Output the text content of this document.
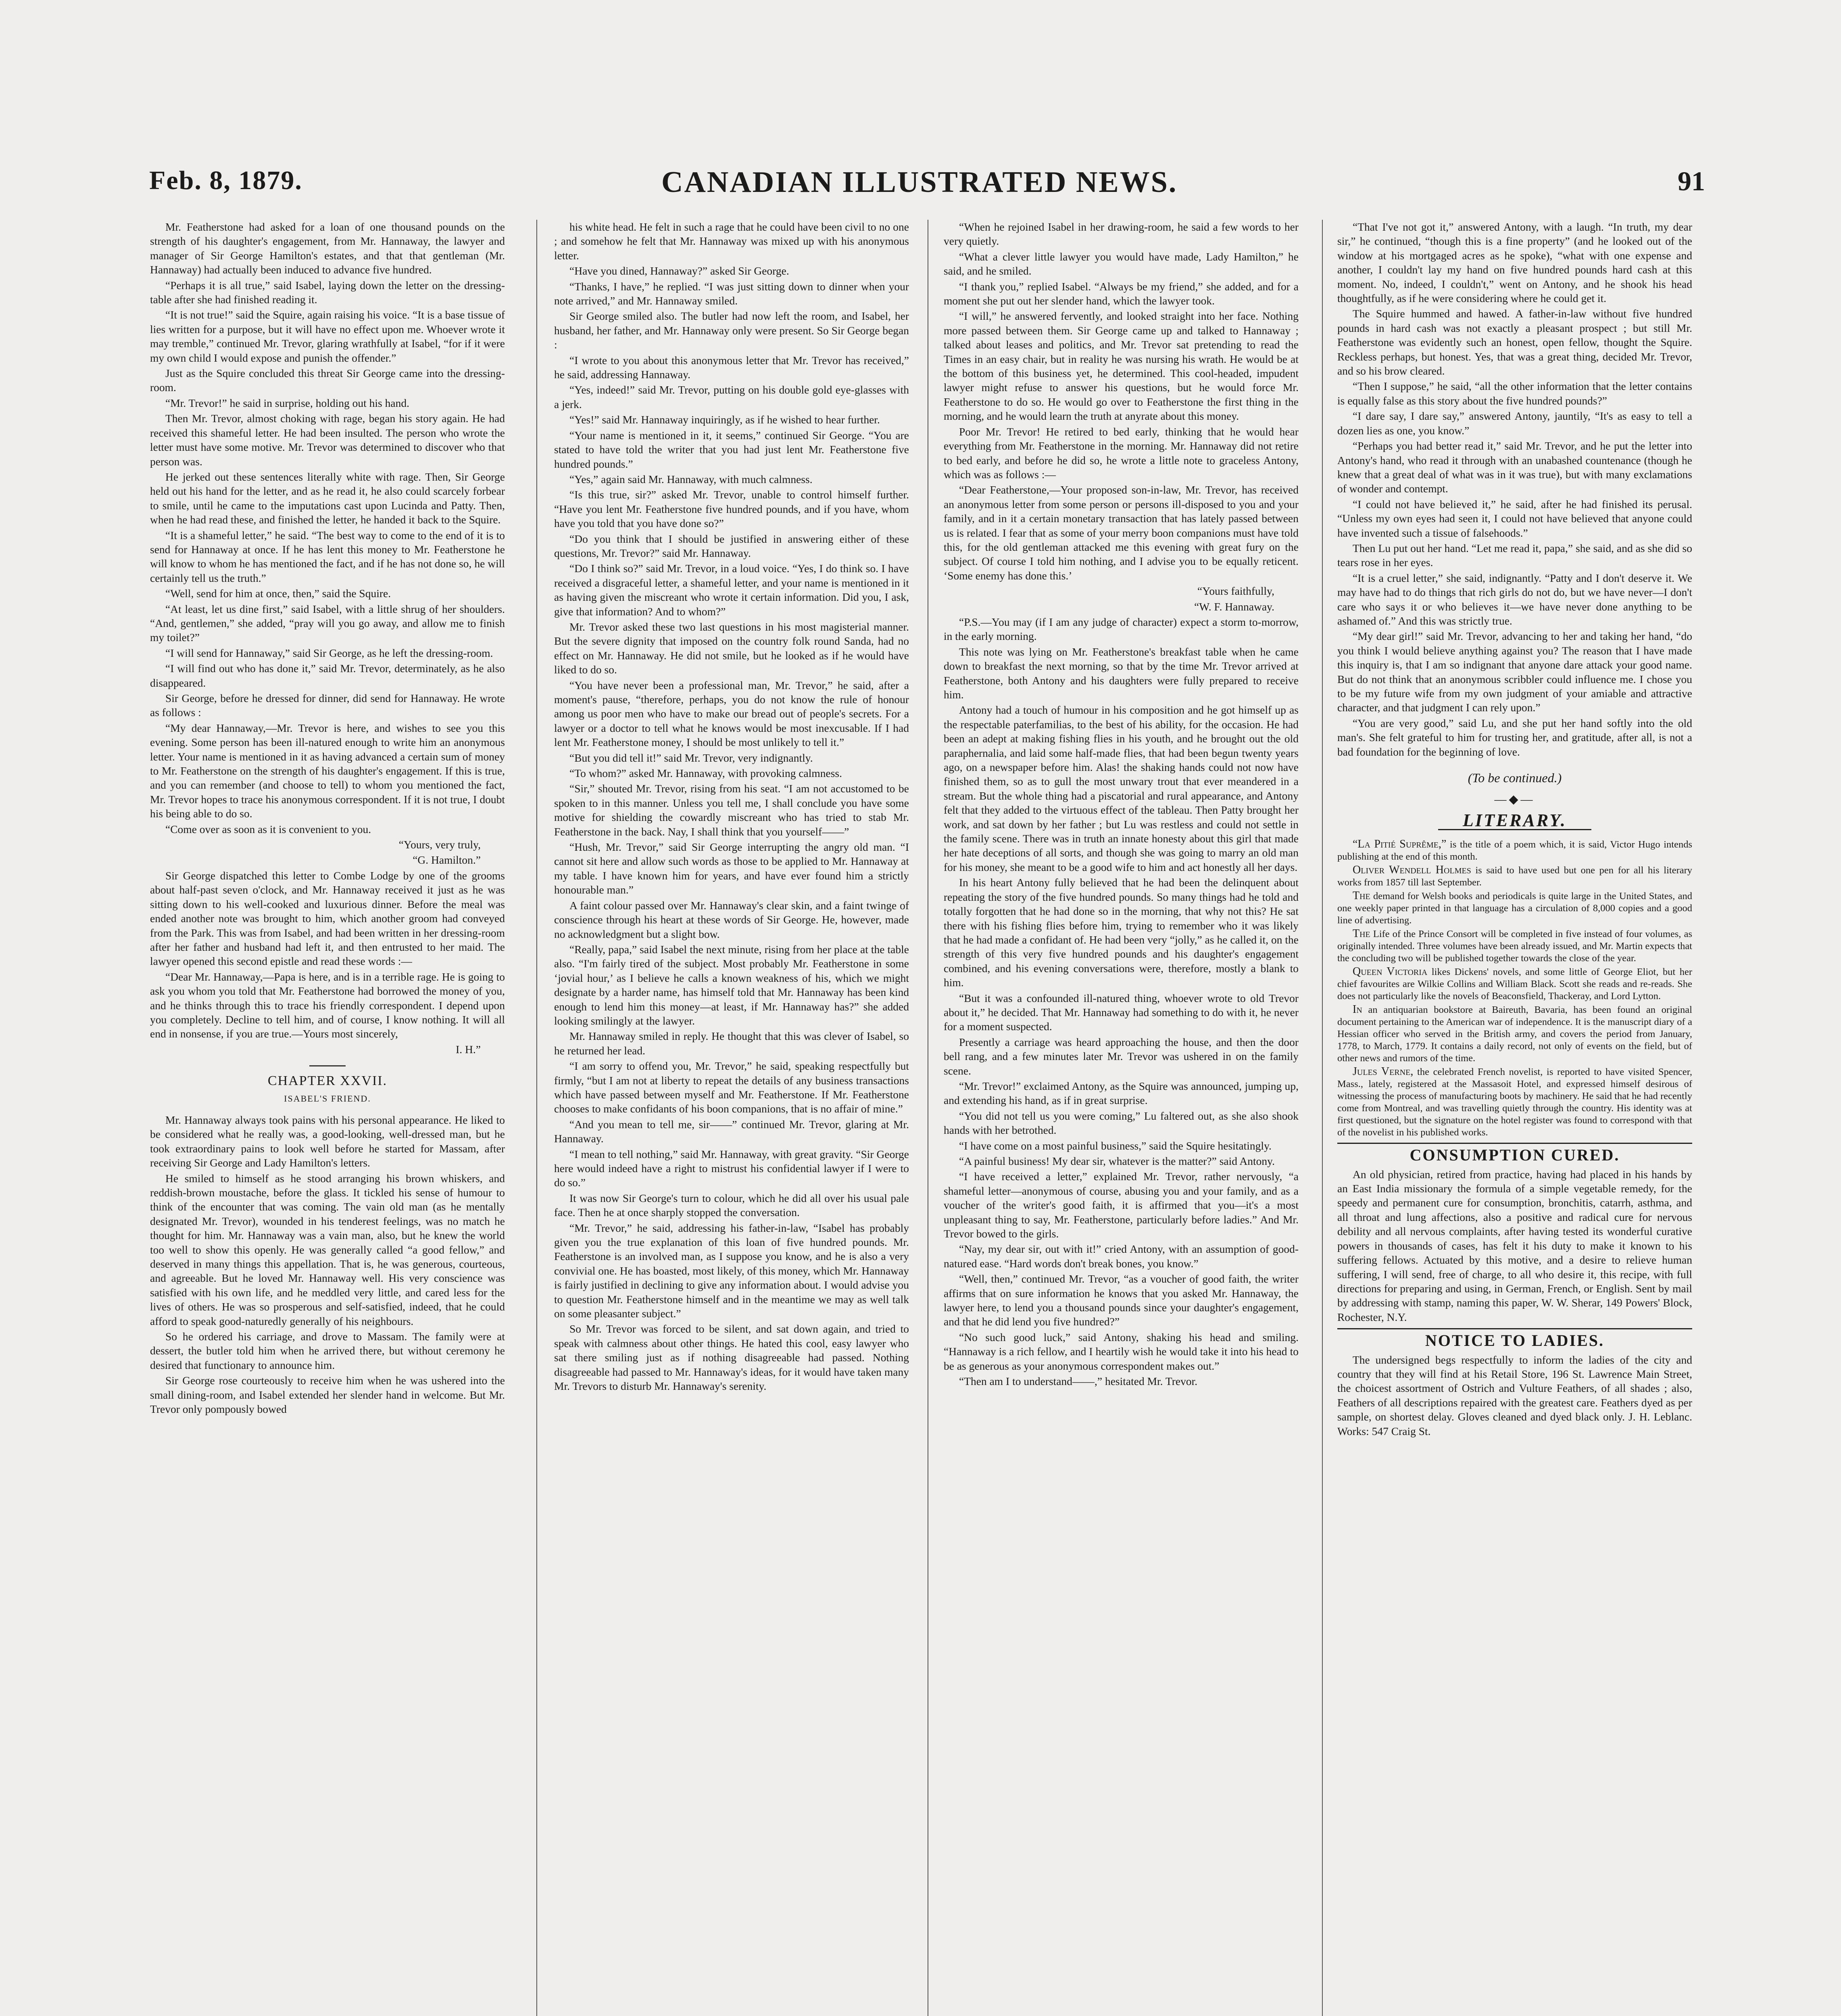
Feb. 8, 1879.	CANADIAN ILLUSTRATED NEWS.	91

Mr. Featherstone had asked for a loan of one thousand pounds on the strength of his daughter's engagement, from Mr. Hannaway, the lawyer and manager of Sir George Hamilton's estates, and that that gentleman (Mr. Hannaway) had actually been induced to advance five hundred.

“Perhaps it is all true,” said Isabel, laying down the letter on the dressing-table after she had finished reading it.

“It is not true!” said the Squire, again raising his voice. “It is a base tissue of lies written for a purpose, but it will have no effect upon me. Whoever wrote it may tremble,” continued Mr. Trevor, glaring wrathfully at Isabel, “for if it were my own child I would expose and punish the offender.”

Just as the Squire concluded this threat Sir George came into the dressing-room.

“Mr. Trevor!” he said in surprise, holding out his hand.

Then Mr. Trevor, almost choking with rage, began his story again. He had received this shameful letter. He had been insulted. The person who wrote the letter must have some motive. Mr. Trevor was determined to discover who that person was.

He jerked out these sentences literally white with rage. Then, Sir George held out his hand for the letter, and as he read it, he also could scarcely forbear to smile, until he came to the imputations cast upon Lucinda and Patty. Then, when he had read these, and finished the letter, he handed it back to the Squire.

“It is a shameful letter,” he said. “The best way to come to the end of it is to send for Hannaway at once. If he has lent this money to Mr. Featherstone he will know to whom he has mentioned the fact, and if he has not done so, he will certainly tell us the truth.”

“Well, send for him at once, then,” said the Squire.

“At least, let us dine first,” said Isabel, with a little shrug of her shoulders. “And, gentlemen,” she added, “pray will you go away, and allow me to finish my toilet?”

“I will send for Hannaway,” said Sir George, as he left the dressing-room.

“I will find out who has done it,” said Mr. Trevor, determinately, as he also disappeared.

Sir George, before he dressed for dinner, did send for Hannaway. He wrote as follows :

“My dear Hannaway,—Mr. Trevor is here, and wishes to see you this evening. Some person has been ill-natured enough to write him an anonymous letter. Your name is mentioned in it as having advanced a certain sum of money to Mr. Featherstone on the strength of his daughter's engagement. If this is true, and you can remember (and choose to tell) to whom you mentioned the fact, Mr. Trevor hopes to trace his anonymous correspondent. If it is not true, I doubt his being able to do so.

“Come over as soon as it is convenient to you.

“Yours, very truly,

“G. Hamilton.”

Sir George dispatched this letter to Combe Lodge by one of the grooms about half-past seven o'clock, and Mr. Hannaway received it just as he was sitting down to his well-cooked and luxurious dinner. Before the meal was ended another note was brought to him, which another groom had conveyed from the Park. This was from Isabel, and had been written in her dressing-room after her father and husband had left it, and then entrusted to her maid. The lawyer opened this second epistle and read these words :—

“Dear Mr. Hannaway,—Papa is here, and is in a terrible rage. He is going to ask you whom you told that Mr. Featherstone had borrowed the money of you, and he thinks through this to trace his friendly correspondent. I depend upon you completely. Decline to tell him, and of course, I know nothing. It will all end in nonsense, if you are true.—Yours most sincerely,

I. H.”

CHAPTER XXVII.
ISABEL'S FRIEND.

Mr. Hannaway always took pains with his personal appearance. He liked to be considered what he really was, a good-looking, well-dressed man, but he took extraordinary pains to look well before he started for Massam, after receiving Sir George and Lady Hamilton's letters.

He smiled to himself as he stood arranging his brown whiskers, and reddish-brown moustache, before the glass. It tickled his sense of humour to think of the encounter that was coming. The vain old man (as he mentally designated Mr. Trevor), wounded in his tenderest feelings, was no match he thought for him. Mr. Hannaway was a vain man, also, but he knew the world too well to show this openly. He was generally called “a good fellow,” and deserved in many things this appellation. That is, he was generous, courteous, and agreeable. But he loved Mr. Hannaway well. His very conscience was satisfied with his own life, and he meddled very little, and cared less for the lives of others. He was so prosperous and self-satisfied, indeed, that he could afford to speak good-naturedly generally of his neighbours.

So he ordered his carriage, and drove to Massam. The family were at dessert, the butler told him when he arrived there, but without ceremony he desired that functionary to announce him.

Sir George rose courteously to receive him when he was ushered into the small dining-room, and Isabel extended her slender hand in welcome. But Mr. Trevor only pompously bowed

his white head. He felt in such a rage that he could have been civil to no one ; and somehow he felt that Mr. Hannaway was mixed up with his anonymous letter.

“Have you dined, Hannaway?” asked Sir George.

“Thanks, I have,” he replied. “I was just sitting down to dinner when your note arrived,” and Mr. Hannaway smiled.

Sir George smiled also. The butler had now left the room, and Isabel, her husband, her father, and Mr. Hannaway only were present. So Sir George began :

“I wrote to you about this anonymous letter that Mr. Trevor has received,” he said, addressing Hannaway.

“Yes, indeed!” said Mr. Trevor, putting on his double gold eye-glasses with a jerk.

“Yes!” said Mr. Hannaway inquiringly, as if he wished to hear further.

“Your name is mentioned in it, it seems,” continued Sir George. “You are stated to have told the writer that you had just lent Mr. Featherstone five hundred pounds.”

“Yes,” again said Mr. Hannaway, with much calmness.

“Is this true, sir?” asked Mr. Trevor, unable to control himself further. “Have you lent Mr. Featherstone five hundred pounds, and if you have, whom have you told that you have done so?”

“Do you think that I should be justified in answering either of these questions, Mr. Trevor?” said Mr. Hannaway.

“Do I think so?” said Mr. Trevor, in a loud voice. “Yes, I do think so. I have received a disgraceful letter, a shameful letter, and your name is mentioned in it as having given the miscreant who wrote it certain information. Did you, I ask, give that information? And to whom?”

Mr. Trevor asked these two last questions in his most magisterial manner. But the severe dignity that imposed on the country folk round Sanda, had no effect on Mr. Hannaway. He did not smile, but he looked as if he would have liked to do so.

“You have never been a professional man, Mr. Trevor,” he said, after a moment's pause, “therefore, perhaps, you do not know the rule of honour among us poor men who have to make our bread out of people's secrets. For a lawyer or a doctor to tell what he knows would be most inexcusable. If I had lent Mr. Featherstone money, I should be most unlikely to tell it.”

“But you did tell it!” said Mr. Trevor, very indignantly.

“To whom?” asked Mr. Hannaway, with provoking calmness.

“Sir,” shouted Mr. Trevor, rising from his seat. “I am not accustomed to be spoken to in this manner. Unless you tell me, I shall conclude you have some motive for shielding the cowardly miscreant who has tried to stab Mr. Featherstone in the back. Nay, I shall think that you yourself——”

“Hush, Mr. Trevor,” said Sir George interrupting the angry old man. “I cannot sit here and allow such words as those to be applied to Mr. Hannaway at my table. I have known him for years, and have ever found him a strictly honourable man.”

A faint colour passed over Mr. Hannaway's clear skin, and a faint twinge of conscience through his heart at these words of Sir George. He, however, made no acknowledgment but a slight bow.

“Really, papa,” said Isabel the next minute, rising from her place at the table also. “I'm fairly tired of the subject. Most probably Mr. Featherstone in some ‘jovial hour,’ as I believe he calls a known weakness of his, which we might designate by a harder name, has himself told that Mr. Hannaway has been kind enough to lend him this money—at least, if Mr. Hannaway has?” she added looking smilingly at the lawyer.

Mr. Hannaway smiled in reply. He thought that this was clever of Isabel, so he returned her lead.

“I am sorry to offend you, Mr. Trevor,” he said, speaking respectfully but firmly, “but I am not at liberty to repeat the details of any business transactions which have passed between myself and Mr. Featherstone. If Mr. Featherstone chooses to make confidants of his boon companions, that is no affair of mine.”

“And you mean to tell me, sir——” continued Mr. Trevor, glaring at Mr. Hannaway.

“I mean to tell nothing,” said Mr. Hannaway, with great gravity. “Sir George here would indeed have a right to mistrust his confidential lawyer if I were to do so.”

It was now Sir George's turn to colour, which he did all over his usual pale face. Then he at once sharply stopped the conversation.

“Mr. Trevor,” he said, addressing his father-in-law, “Isabel has probably given you the true explanation of this loan of five hundred pounds. Mr. Featherstone is an involved man, as I suppose you know, and he is also a very convivial one. He has boasted, most likely, of this money, which Mr. Hannaway is fairly justified in declining to give any information about. I would advise you to question Mr. Featherstone himself and in the meantime we may as well talk on some pleasanter subject.”

So Mr. Trevor was forced to be silent, and sat down again, and tried to speak with calmness about other things. He hated this cool, easy lawyer who sat there smiling just as if nothing disagreeable had passed. Nothing disagreeable had passed to Mr. Hannaway's ideas, for it would have taken many Mr. Trevors to disturb Mr. Hannaway's serenity.

“When he rejoined Isabel in her drawing-room, he said a few words to her very quietly.

“What a clever little lawyer you would have made, Lady Hamilton,” he said, and he smiled.

“I thank you,” replied Isabel. “Always be my friend,” she added, and for a moment she put out her slender hand, which the lawyer took.

“I will,” he answered fervently, and looked straight into her face. Nothing more passed between them. Sir George came up and talked to Hannaway ; talked about leases and politics, and Mr. Trevor sat pretending to read the Times in an easy chair, but in reality he was nursing his wrath. He would be at the bottom of this business yet, he determined. This cool-headed, impudent lawyer might refuse to answer his questions, but he would force Mr. Featherstone to do so. He would go over to Featherstone the first thing in the morning, and he would learn the truth at anyrate about this money.

Poor Mr. Trevor! He retired to bed early, thinking that he would hear everything from Mr. Featherstone in the morning. Mr. Hannaway did not retire to bed early, and before he did so, he wrote a little note to graceless Antony, which was as follows :—

“Dear Featherstone,—Your proposed son-in-law, Mr. Trevor, has received an anonymous letter from some person or persons ill-disposed to you and your family, and in it a certain monetary transaction that has lately passed between us is related. I fear that as some of your merry boon companions must have told this, for the old gentleman attacked me this evening with great fury on the subject. Of course I told him nothing, and I advise you to be equally reticent. ‘Some enemy has done this.’

“Yours faithfully,

“W. F. Hannaway.

“P.S.—You may (if I am any judge of character) expect a storm to-morrow, in the early morning.

This note was lying on Mr. Featherstone's breakfast table when he came down to breakfast the next morning, so that by the time Mr. Trevor arrived at Featherstone, both Antony and his daughters were fully prepared to receive him.

Antony had a touch of humour in his composition and he got himself up as the respectable paterfamilias, to the best of his ability, for the occasion. He had been an adept at making fishing flies in his youth, and he brought out the old paraphernalia, and laid some half-made flies, that had been begun twenty years ago, on a newspaper before him. Alas! the shaking hands could not now have finished them, so as to gull the most unwary trout that ever meandered in a stream. But the whole thing had a piscatorial and rural appearance, and Antony felt that they added to the virtuous effect of the tableau. Then Patty brought her work, and sat down by her father ; but Lu was restless and could not settle in the family scene. There was in truth an innate honesty about this girl that made her hate deceptions of all sorts, and though she was going to marry an old man for his money, she meant to be a good wife to him and act honestly all her days.

In his heart Antony fully believed that he had been the delinquent about repeating the story of the five hundred pounds. So many things had he told and totally forgotten that he had done so in the morning, that why not this? He sat there with his fishing flies before him, trying to remember who it was likely that he had made a confidant of. He had been very “jolly,” as he called it, on the strength of this very five hundred pounds and his daughter's engagement combined, and his evening conversations were, therefore, mostly a blank to him.

“But it was a confounded ill-natured thing, whoever wrote to old Trevor about it,” he decided. That Mr. Hannaway had something to do with it, he never for a moment suspected.

Presently a carriage was heard approaching the house, and then the door bell rang, and a few minutes later Mr. Trevor was ushered in on the family scene.

“Mr. Trevor!” exclaimed Antony, as the Squire was announced, jumping up, and extending his hand, as if in great surprise.

“You did not tell us you were coming,” Lu faltered out, as she also shook hands with her betrothed.

“I have come on a most painful business,” said the Squire hesitatingly.

“A painful business! My dear sir, whatever is the matter?” said Antony.

“I have received a letter,” explained Mr. Trevor, rather nervously, “a shameful letter—anonymous of course, abusing you and your family, and as a voucher of the writer's good faith, it is affirmed that you—it's a most unpleasant thing to say, Mr. Featherstone, particularly before ladies.” And Mr. Trevor bowed to the girls.

“Nay, my dear sir, out with it!” cried Antony, with an assumption of good-natured ease. “Hard words don't break bones, you know.”

“Well, then,” continued Mr. Trevor, “as a voucher of good faith, the writer affirms that on sure information he knows that you asked Mr. Hannaway, the lawyer here, to lend you a thousand pounds since your daughter's engagement, and that he did lend you five hundred?”

“No such good luck,” said Antony, shaking his head and smiling. “Hannaway is a rich fellow, and I heartily wish he would take it into his head to be as generous as your anonymous correspondent makes out.”

“Then am I to understand——,” hesitated Mr. Trevor.

“That I've not got it,” answered Antony, with a laugh. “In truth, my dear sir,” he continued, “though this is a fine property” (and he looked out of the window at his mortgaged acres as he spoke), “what with one expense and another, I couldn't lay my hand on five hundred pounds hard cash at this moment. No, indeed, I couldn't,” went on Antony, and he shook his head thoughtfully, as if he were considering where he could get it.

The Squire hummed and hawed. A father-in-law without five hundred pounds in hard cash was not exactly a pleasant prospect ; but still Mr. Featherstone was evidently such an honest, open fellow, thought the Squire. Reckless perhaps, but honest. Yes, that was a great thing, decided Mr. Trevor, and so his brow cleared.

“Then I suppose,” he said, “all the other information that the letter contains is equally false as this story about the five hundred pounds?”

“I dare say, I dare say,” answered Antony, jauntily, “It's as easy to tell a dozen lies as one, you know.”

“Perhaps you had better read it,” said Mr. Trevor, and he put the letter into Antony's hand, who read it through with an unabashed countenance (though he knew that a great deal of what was in it was true), but with many exclamations of wonder and contempt.

“I could not have believed it,” he said, after he had finished its perusal. “Unless my own eyes had seen it, I could not have believed that anyone could have invented such a tissue of falsehoods.”

Then Lu put out her hand. “Let me read it, papa,” she said, and as she did so tears rose in her eyes.

“It is a cruel letter,” she said, indignantly. “Patty and I don't deserve it. We may have had to do things that rich girls do not do, but we have never—I don't care who says it or who believes it—we have never done anything to be ashamed of.” And this was strictly true.

“My dear girl!” said Mr. Trevor, advancing to her and taking her hand, “do you think I would believe anything against you? The reason that I have made this inquiry is, that I am so indignant that anyone dare attack your good name. But do not think that an anonymous scribbler could influence me. I chose you to be my future wife from my own judgment of your amiable and attractive character, and that judgment I can rely upon.”

“You are very good,” said Lu, and she put her hand softly into the old man's. She felt grateful to him for trusting her, and gratitude, after all, is not a bad foundation for the beginning of love.

(To be continued.)
—◆—
LITERARY.

“La Pitié Suprême,” is the title of a poem which, it is said, Victor Hugo intends publishing at the end of this month.

Oliver Wendell Holmes is said to have used but one pen for all his literary works from 1857 till last September.

The demand for Welsh books and periodicals is quite large in the United States, and one weekly paper printed in that language has a circulation of 8,000 copies and a good line of advertising.

The Life of the Prince Consort will be completed in five instead of four volumes, as originally intended. Three volumes have been already issued, and Mr. Martin expects that the concluding two will be published together towards the close of the year.

Queen Victoria likes Dickens' novels, and some little of George Eliot, but her chief favourites are Wilkie Collins and William Black. Scott she reads and re-reads. She does not particularly like the novels of Beaconsfield, Thackeray, and Lord Lytton.

In an antiquarian bookstore at Baireuth, Bavaria, has been found an original document pertaining to the American war of independence. It is the manuscript diary of a Hessian officer who served in the British army, and covers the period from January, 1778, to March, 1779. It contains a daily record, not only of events on the field, but of other news and rumors of the time.

Jules Verne, the celebrated French novelist, is reported to have visited Spencer, Mass., lately, registered at the Massasoit Hotel, and expressed himself desirous of witnessing the process of manufacturing boots by machinery. He said that he had recently come from Montreal, and was travelling quietly through the country. His identity was at first questioned, but the signature on the hotel register was found to correspond with that of the novelist in his published works.

CONSUMPTION CURED.

An old physician, retired from practice, having had placed in his hands by an East India missionary the formula of a simple vegetable remedy, for the speedy and permanent cure for consumption, bronchitis, catarrh, asthma, and all throat and lung affections, also a positive and radical cure for nervous debility and all nervous complaints, after having tested its wonderful curative powers in thousands of cases, has felt it his duty to make it known to his suffering fellows. Actuated by this motive, and a desire to relieve human suffering, I will send, free of charge, to all who desire it, this recipe, with full directions for preparing and using, in German, French, or English. Sent by mail by addressing with stamp, naming this paper, W. W. Sherar, 149 Powers' Block, Rochester, N.Y.

NOTICE TO LADIES.

The undersigned begs respectfully to inform the ladies of the city and country that they will find at his Retail Store, 196 St. Lawrence Main Street, the choicest assortment of Ostrich and Vulture Feathers, of all shades ; also, Feathers of all descriptions repaired with the greatest care. Feathers dyed as per sample, on shortest delay. Gloves cleaned and dyed black only. J. H. Leblanc. Works: 547 Craig St.
